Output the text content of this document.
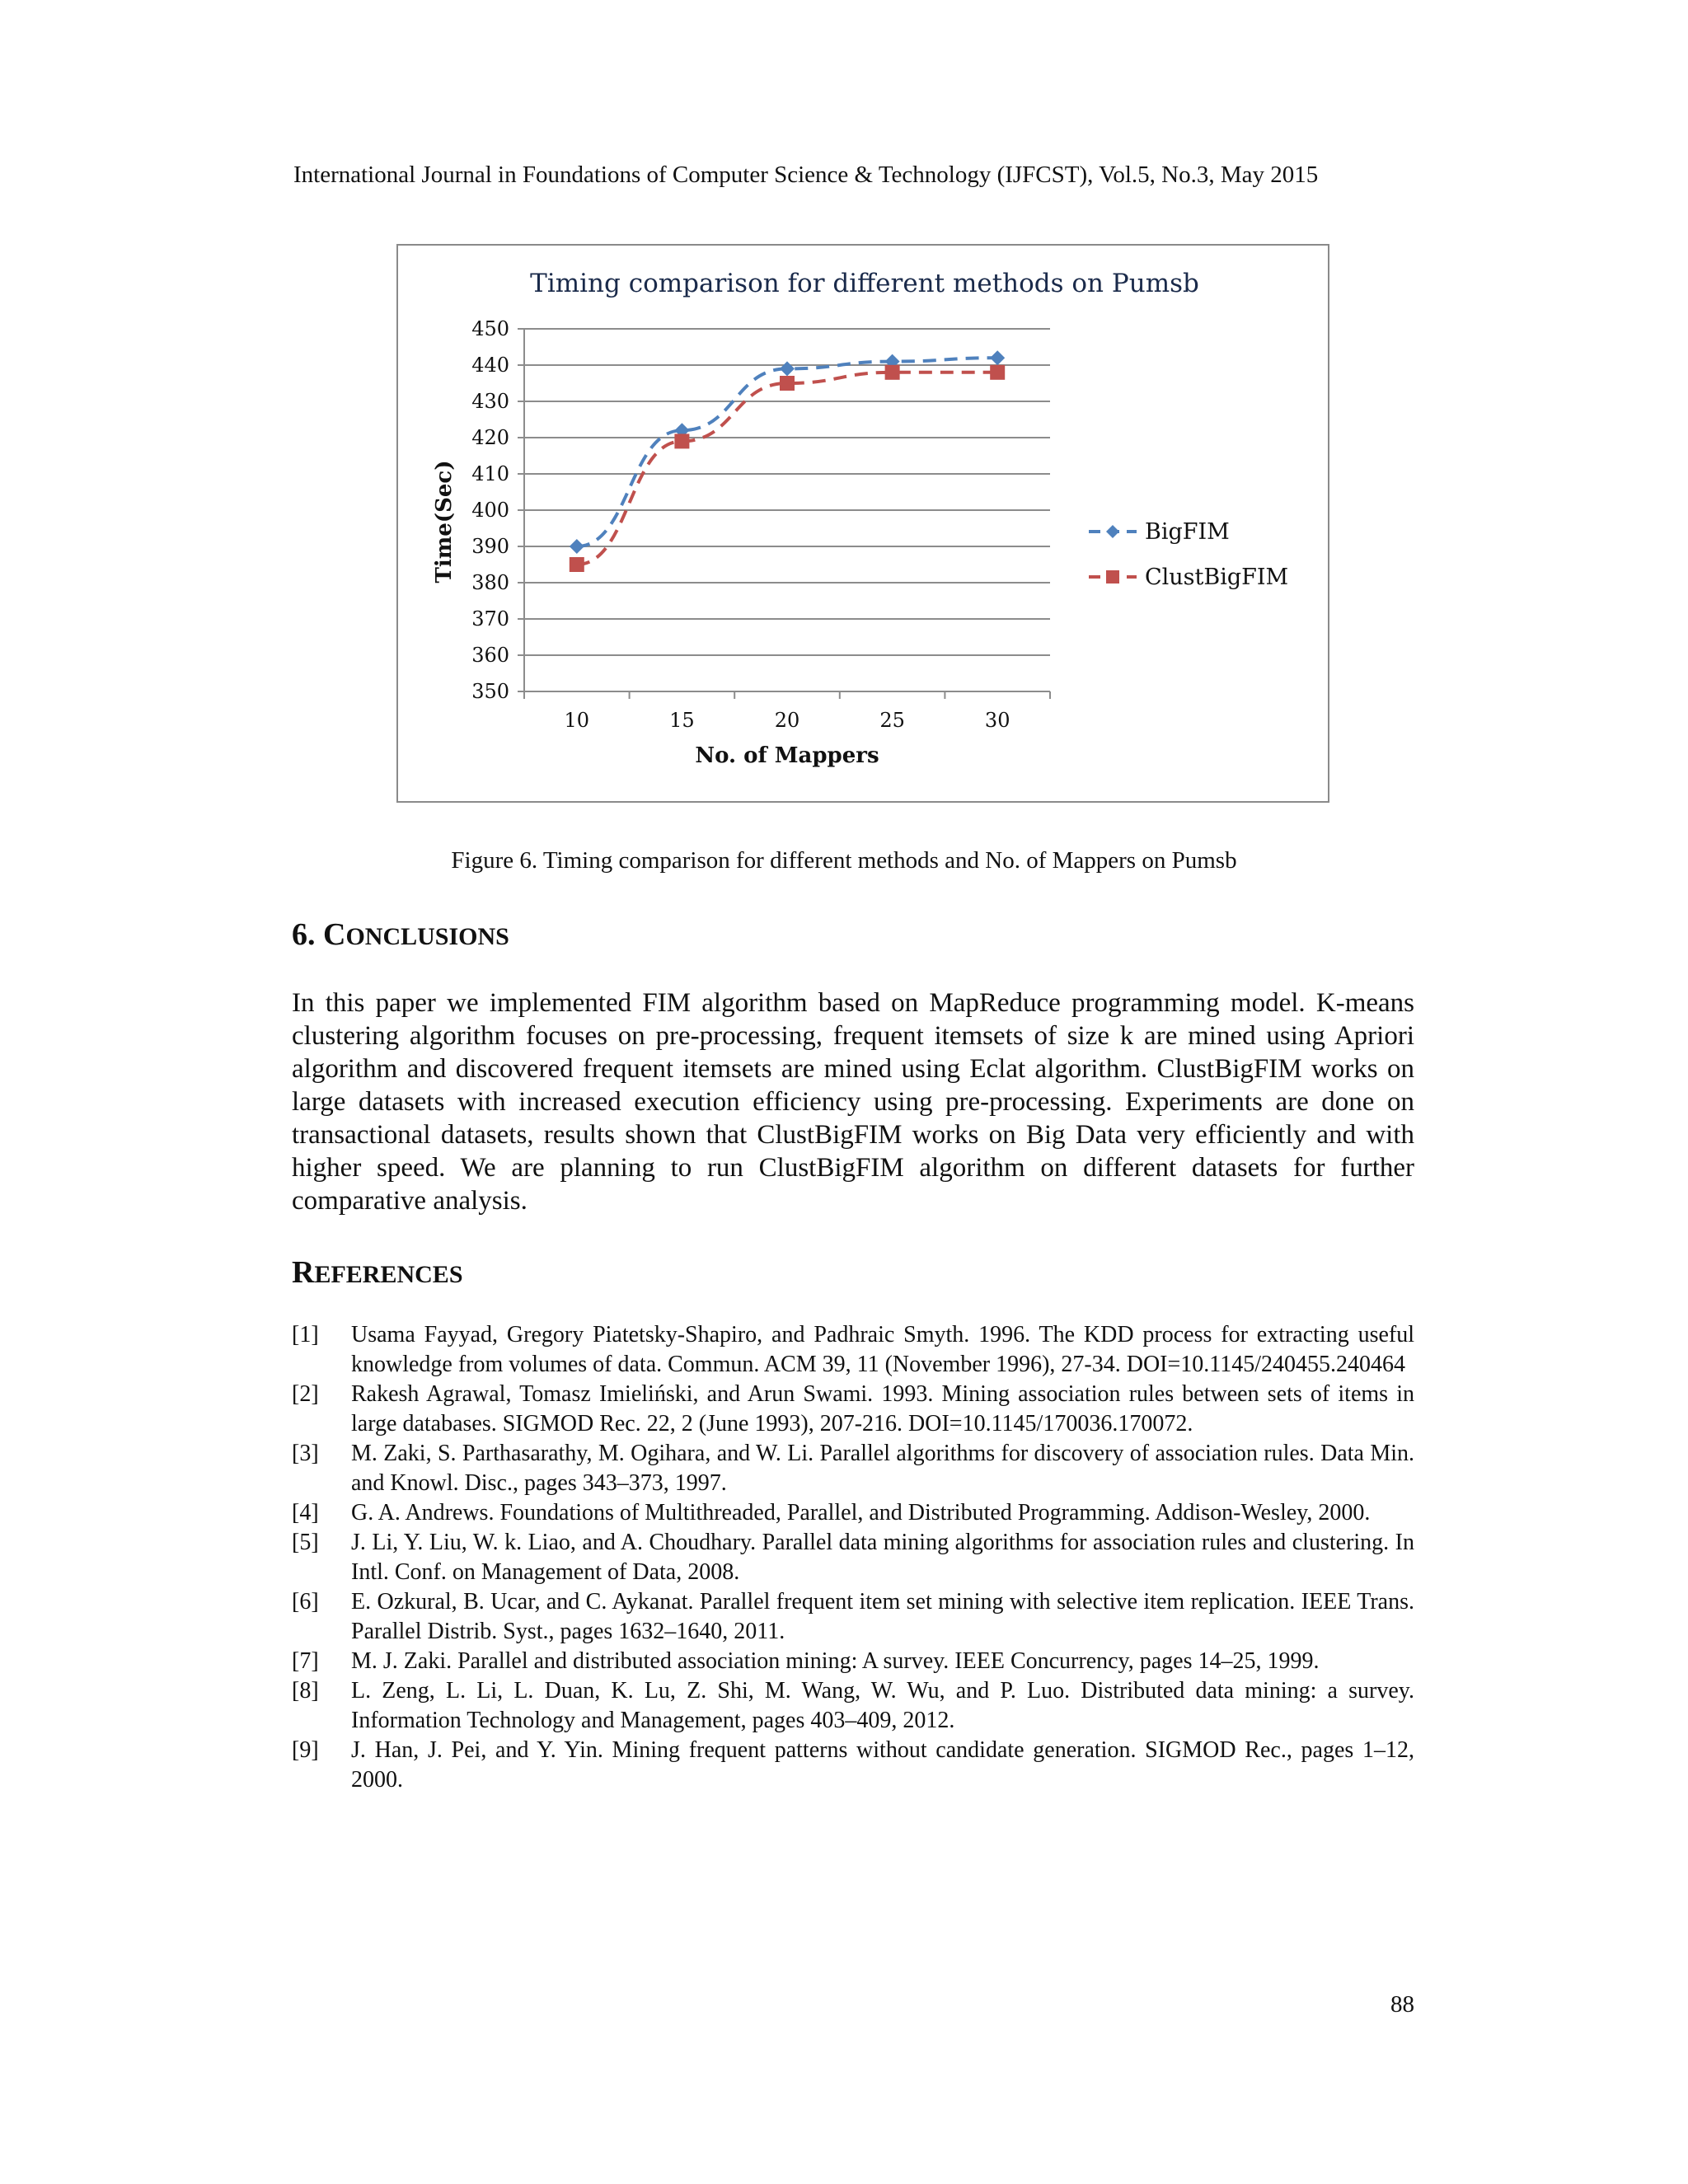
International Journal in Foundations of Computer Science & Technology (IJFCST), Vol.5, No.3, May 2015
Timing comparison for different methods on Pumsb
450
440
430
420
410
400
390
380
370
360
350
10	15	20	25	30
No. of Mappers
Time(Sec)	BigFIM
ClustBigFIM
Figure 6. Timing comparison for different methods and No. of Mappers on Pumsb
6. CONCLUSIONS
In this paper we implemented FIM algorithm based on MapReduce programming model. K-means clustering algorithm focuses on pre-processing, frequent itemsets of size k are mined using Apriori algorithm and discovered frequent itemsets are mined using Eclat algorithm. ClustBigFIM works on large datasets with increased execution efficiency using pre-processing. Experiments are done on transactional datasets, results shown that ClustBigFIM works on Big Data very efficiently and with higher speed. We are planning to run ClustBigFIM algorithm on different datasets for further comparative analysis.
REFERENCES
[1] Usama Fayyad, Gregory Piatetsky-Shapiro, and Padhraic Smyth. 1996. The KDD process for extracting useful knowledge from volumes of data. Commun. ACM 39, 11 (November 1996), 27-34. DOI=10.1145/240455.240464
[2] Rakesh Agrawal, Tomasz Imieliński, and Arun Swami. 1993. Mining association rules between sets of items in large databases. SIGMOD Rec. 22, 2 (June 1993), 207-216. DOI=10.1145/170036.170072.
[3] M. Zaki, S. Parthasarathy, M. Ogihara, and W. Li. Parallel algorithms for discovery of association rules. Data Min. and Knowl. Disc., pages 343–373, 1997.
[4] G. A. Andrews. Foundations of Multithreaded, Parallel, and Distributed Programming. Addison-Wesley, 2000.
[5] J. Li, Y. Liu, W. k. Liao, and A. Choudhary. Parallel data mining algorithms for association rules and clustering. In Intl. Conf. on Management of Data, 2008.
[6] E. Ozkural, B. Ucar, and C. Aykanat. Parallel frequent item set mining with selective item replication. IEEE Trans. Parallel Distrib. Syst., pages 1632–1640, 2011.
[7] M. J. Zaki. Parallel and distributed association mining: A survey. IEEE Concurrency, pages 14–25, 1999.
[8] L. Zeng, L. Li, L. Duan, K. Lu, Z. Shi, M. Wang, W. Wu, and P. Luo. Distributed data mining: a survey. Information Technology and Management, pages 403–409, 2012.
[9] J. Han, J. Pei, and Y. Yin. Mining frequent patterns without candidate generation. SIGMOD Rec., pages 1–12, 2000.
88
